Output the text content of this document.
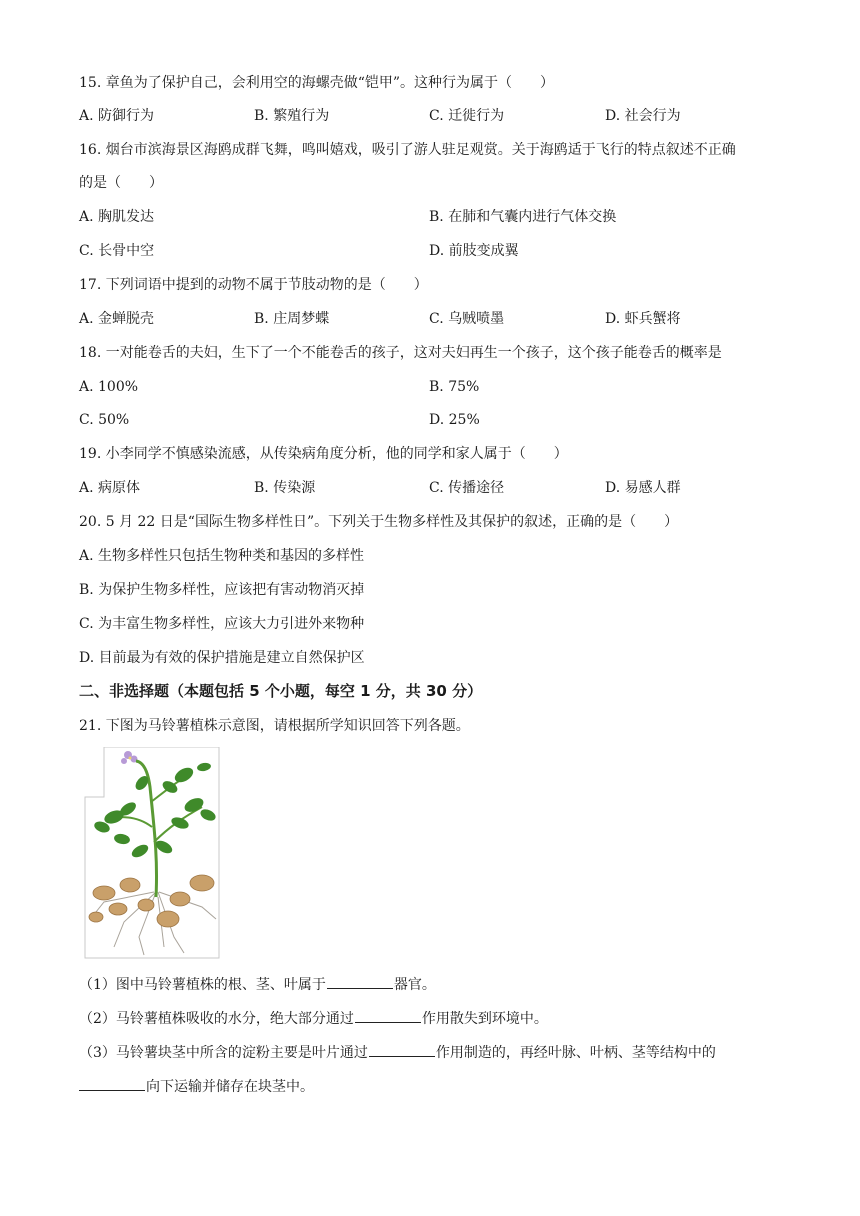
15. 章鱼为了保护自己，会利用空的海螺壳做“铠甲”。这种行为属于（　　）
A. 防御行为	B. 繁殖行为	C. 迁徙行为	D. 社会行为
16. 烟台市滨海景区海鸥成群飞舞，鸣叫嬉戏，吸引了游人驻足观赏。关于海鸥适于飞行的特点叙述不正确
的是（　　）
A. 胸肌发达	B. 在肺和气囊内进行气体交换
C. 长骨中空	D. 前肢变成翼
17. 下列词语中提到的动物不属于节肢动物的是（　　）
A. 金蝉脱壳	B. 庄周梦蝶	C. 乌贼喷墨	D. 虾兵蟹将
18. 一对能卷舌的夫妇，生下了一个不能卷舌的孩子，这对夫妇再生一个孩子，这个孩子能卷舌的概率是
A. 100%	B. 75%
C. 50%	D. 25%
19. 小李同学不慎感染流感，从传染病角度分析，他的同学和家人属于（　　）
A. 病原体	B. 传染源	C. 传播途径	D. 易感人群
20. 5 月 22 日是“国际生物多样性日”。下列关于生物多样性及其保护的叙述，正确的是（　　）
A. 生物多样性只包括生物种类和基因的多样性
B. 为保护生物多样性，应该把有害动物消灭掉
C. 为丰富生物多样性，应该大力引进外来物种
D. 目前最为有效的保护措施是建立自然保护区
二、非选择题（本题包括 5 个小题，每空 1 分，共 30 分）
21. 下图为马铃薯植株示意图，请根据所学知识回答下列各题。
（1）图中马铃薯植株的根、茎、叶属于	器官。
（2）马铃薯植株吸收的水分，绝大部分通过	作用散失到环境中。
（3）马铃薯块茎中所含的淀粉主要是叶片通过	作用制造的，再经叶脉、叶柄、茎等结构中的
向下运输并储存在块茎中。
